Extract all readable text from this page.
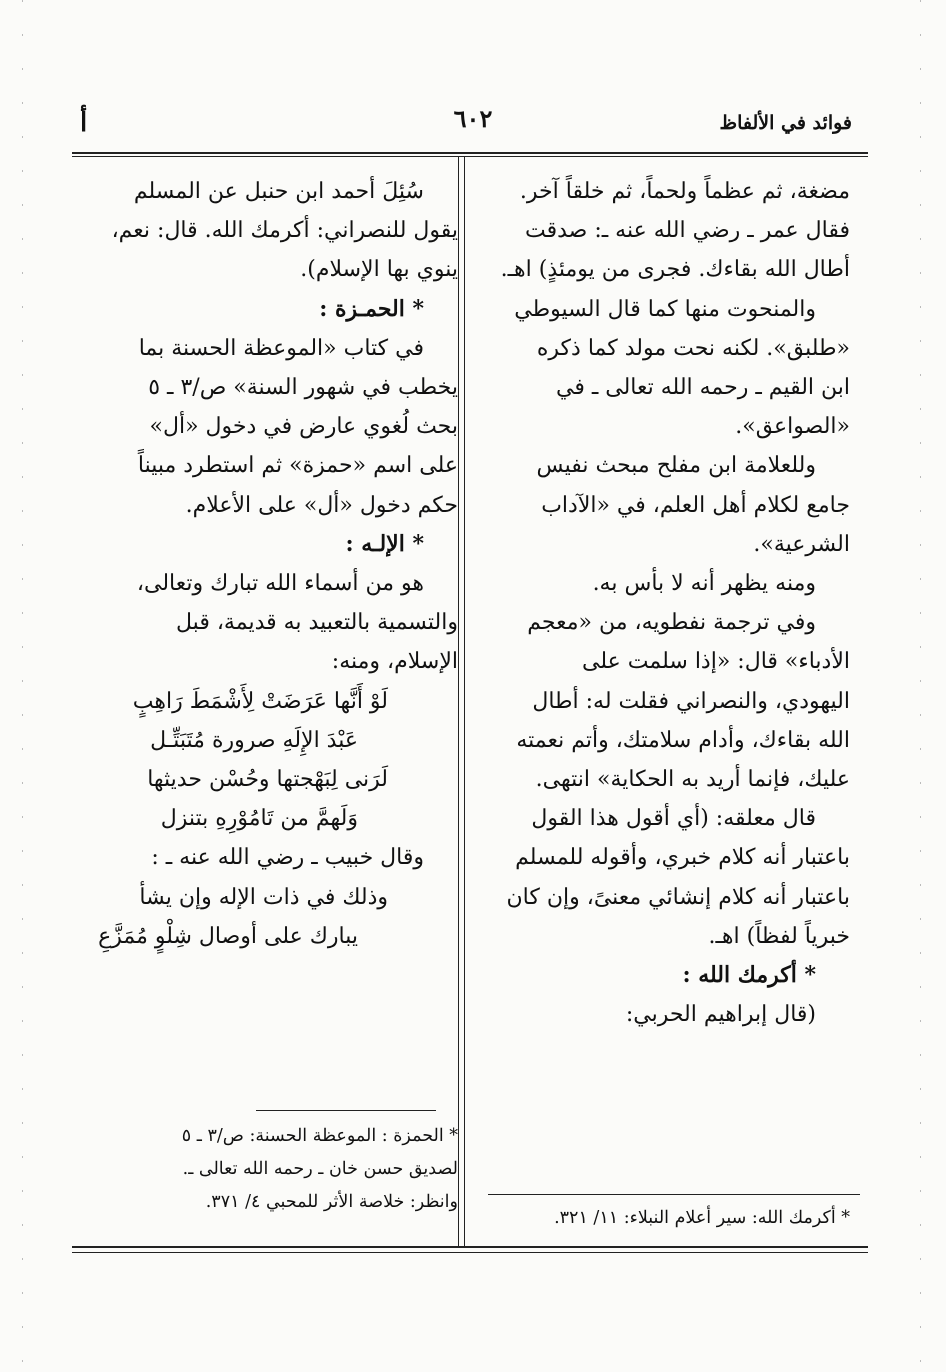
فوائد في الألفاظ
٦٠٢
أ

مضغة، ثم عظماً ولحماً، ثم خلقاً آخر.

فقال عمر ـ رضي الله عنه ـ: صدقت

أطال الله بقاءك. فجرى من يومئذٍ) اهـ.

والمنحوت منها كما قال السيوطي

«طلبق». لكنه نحت مولد كما ذكره

ابن القيم ـ رحمه الله تعالى ـ في

«الصواعق».

وللعلامة ابن مفلح مبحث نفيس

جامع لكلام أهل العلم، في «الآداب

الشرعية».

ومنه يظهر أنه لا بأس به.

وفي ترجمة نفطويه، من «معجم

الأدباء» قال: «إذا سلمت على

اليهودي، والنصراني فقلت له: أطال

الله بقاءك، وأدام سلامتك، وأتم نعمته

عليك، فإنما أريد به الحكاية» انتهى.

قال معلقه: (أي أقول هذا القول

باعتبار أنه كلام خبري، وأقوله للمسلم

باعتبار أنه كلام إنشائي معنىً، وإن كان

خبرياً لفظاً) اهـ.

* أكرمك الله :

(قال إبراهيم الحربي:

* أكرمك الله: سير أعلام النبلاء: ١١/ ٣٢١.

سُئِلَ أحمد ابن حنبل عن المسلم

يقول للنصراني: أكرمك الله. قال: نعم،

ينوي بها الإسلام).

* الحمـزة :

في كتاب «الموعظة الحسنة بما

يخطب في شهور السنة» ص/٣ ـ ٥

بحث لُغوي عارض في دخول «أل»

على اسم «حمزة» ثم استطرد مبيناً

حكم دخول «أل» على الأعلام.

* الإلـه :

هو من أسماء الله تبارك وتعالى،

والتسمية بالتعبيد به قديمة، قبل

الإسلام، ومنه:

لَوْ أَنَّها عَرَضَتْ لِأَشْمَطَ رَاهِبٍ

عَبْدَ الإِلَهِ صرورة مُتَبَتِّـل

لَرَنى لِبَهْجتها وحُسْن حديثها

وَلَهمَّ من تَامُوْرِهِ بتنزل

وقال خبيب ـ رضي الله عنه ـ :

وذلك في ذات الإله وإن يشأ

يبارك على أوصال شِلْوٍ مُمَزَّعِ

* الحمزة : الموعظة الحسنة: ص/٣ ـ ٥
لصديق حسن خان ـ رحمه الله تعالى ـ.
وانظر: خلاصة الأثر للمحبي ٤/ ٣٧١.
